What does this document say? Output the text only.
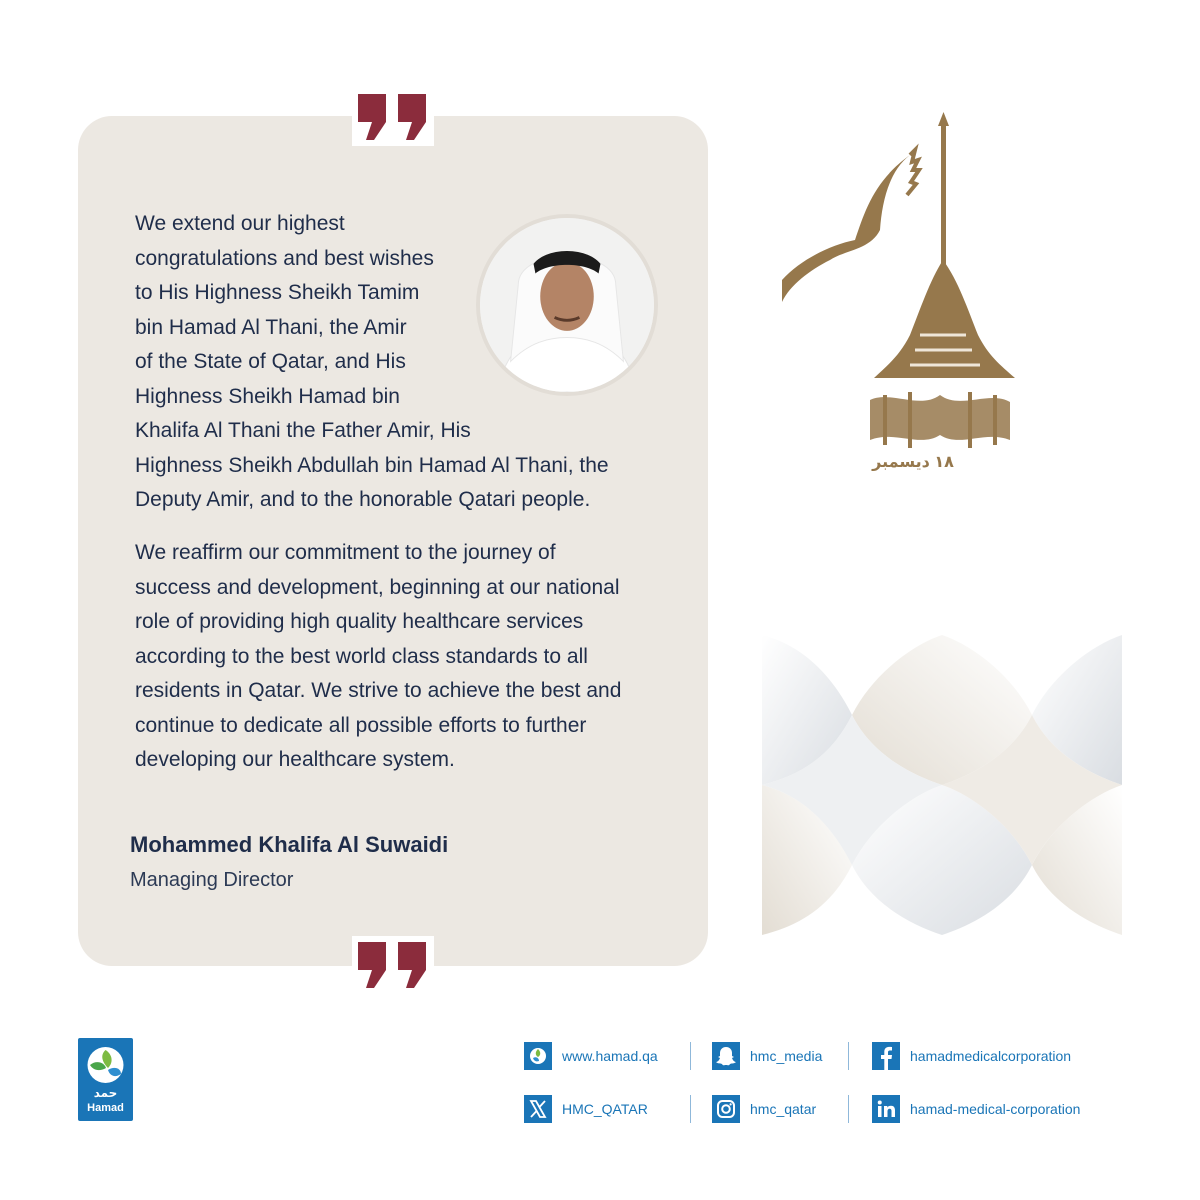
We extend our highest
congratulations and best wishes
to His Highness Sheikh Tamim
bin Hamad Al Thani, the Amir
of the State of Qatar, and His
Highness Sheikh Hamad bin
Khalifa Al Thani the Father Amir, His
Highness Sheikh Abdullah bin Hamad Al Thani, the
Deputy Amir, and to the honorable Qatari people.
We reaffirm our commitment to the journey of
success and development, beginning at our national
role of providing high quality healthcare services
according to the best world class standards to all
residents in Qatar. We strive to achieve the best and
continue to dedicate all possible efforts to further
developing our healthcare system.
Mohammed Khalifa Al Suwaidi
Managing Director
١٨ ديسمبر
حمد
Hamad
www.hamad.qa	hmc_media	hamadmedicalcorporation
HMC_QATAR	hmc_qatar	hamad-medical-corporation
